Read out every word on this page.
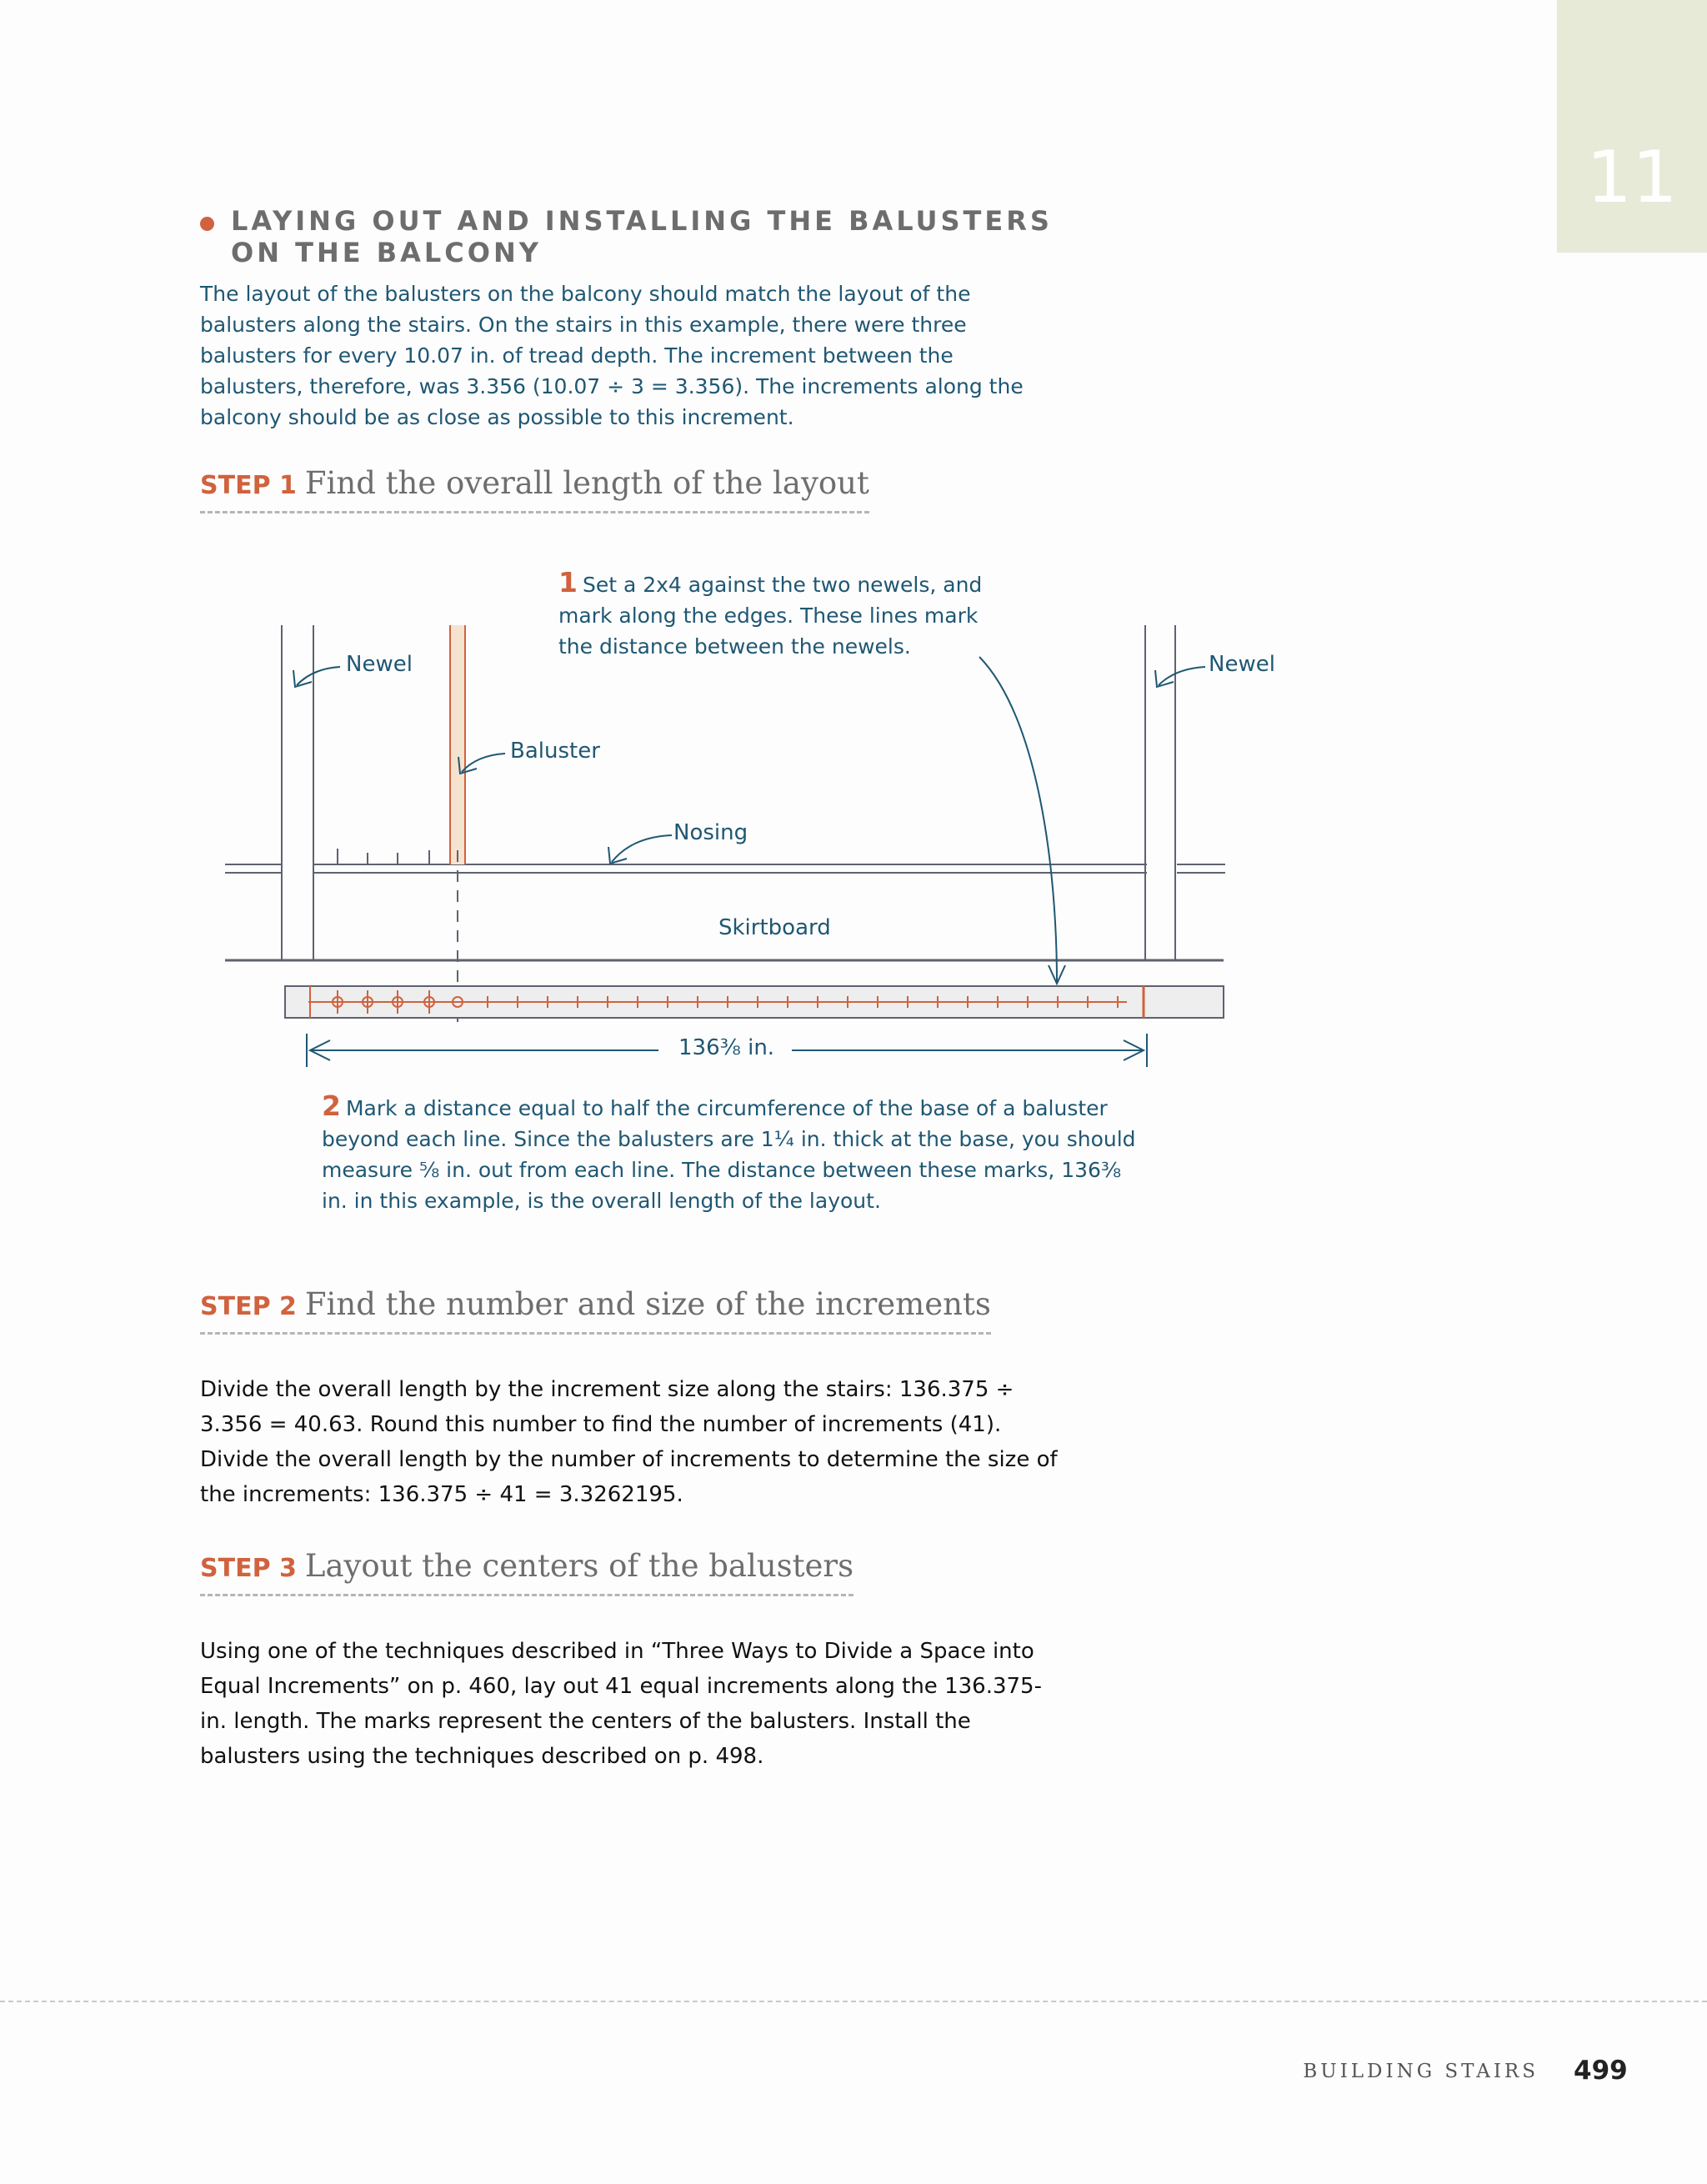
11
LAYING OUT AND INSTALLING THE BALUSTERS ON THE BALCONY
The layout of the balusters on the balcony should match the layout of the balusters along the stairs. On the stairs in this example, there were three balusters for every 10.07 in. of tread depth. The increment between the balusters, therefore, was 3.356 (10.07 ÷ 3 = 3.356). The increments along the balcony should be as close as possible to this increment.
STEP 1 Find the overall length of the layout
Newel	Newel
Baluster
Nosing
Skirtboard
136⅜ in.
1 Set a 2x4 against the two newels, and mark along the edges. These lines mark the distance between the newels.
2 Mark a distance equal to half the circumference of the base of a baluster beyond each line. Since the balusters are 1¼ in. thick at the base, you should measure ⅝ in. out from each line. The distance between these marks, 136⅜ in. in this example, is the overall length of the layout.
STEP 2 Find the number and size of the increments
Divide the overall length by the increment size along the stairs: 136.375 ÷ 3.356 = 40.63. Round this number to find the number of increments (41). Divide the overall length by the number of increments to determine the size of the increments: 136.375 ÷ 41 = 3.3262195.
STEP 3 Layout the centers of the balusters
Using one of the techniques described in “Three Ways to Divide a Space into Equal Increments” on p. 460, lay out 41 equal increments along the 136.375-in. length. The marks represent the centers of the balusters. Install the balusters using the techniques described on p. 498.
BUILDING STAIRS 499
